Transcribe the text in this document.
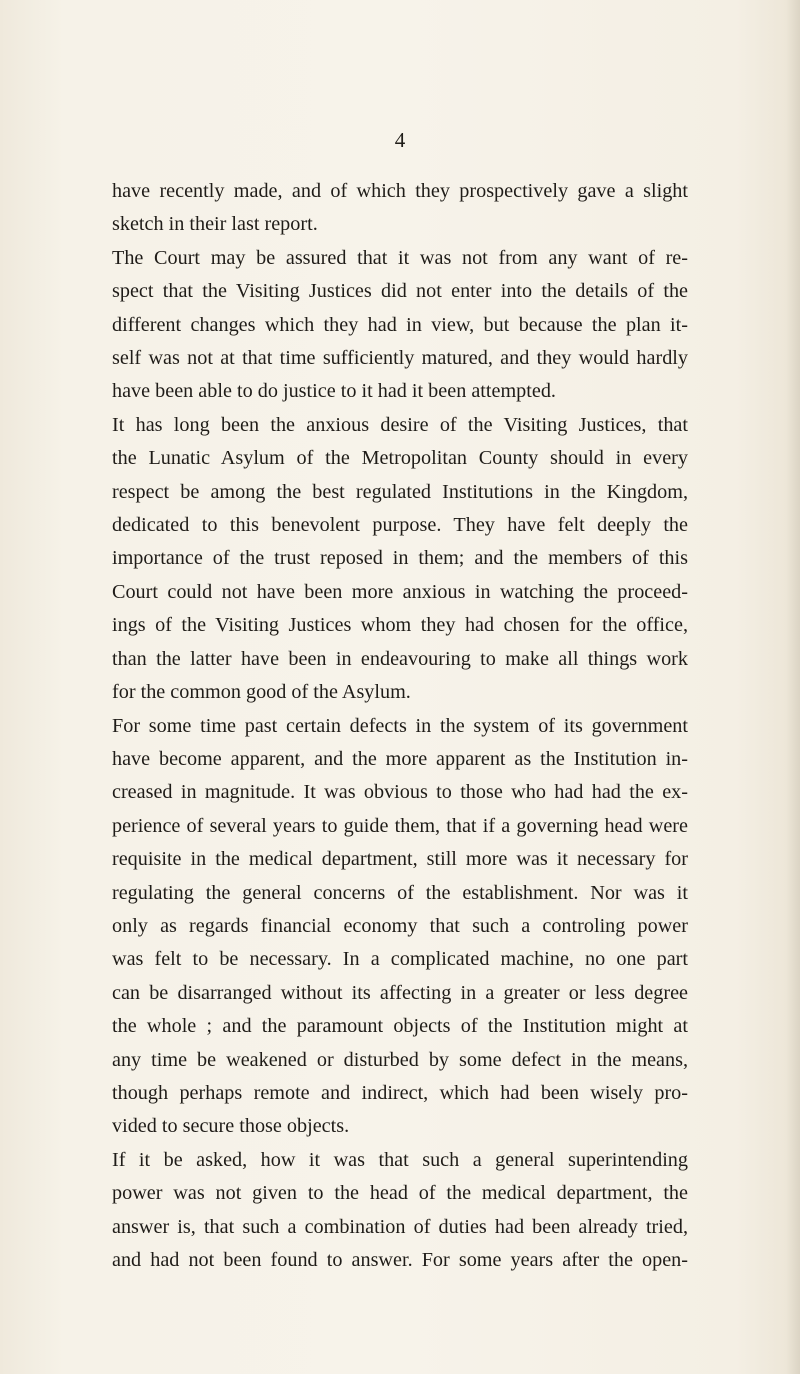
4
have recently made, and of which they prospectively gave a slight
sketch in their last report.
The Court may be assured that it was not from any want of re-
spect that the Visiting Justices did not enter into the details of the
different changes which they had in view, but because the plan it-
self was not at that time sufficiently matured, and they would hardly
have been able to do justice to it had it been attempted.
It has long been the anxious desire of the Visiting Justices, that
the Lunatic Asylum of the Metropolitan County should in every
respect be among the best regulated Institutions in the Kingdom,
dedicated to this benevolent purpose. They have felt deeply the
importance of the trust reposed in them; and the members of this
Court could not have been more anxious in watching the proceed-
ings of the Visiting Justices whom they had chosen for the office,
than the latter have been in endeavouring to make all things work
for the common good of the Asylum.
For some time past certain defects in the system of its government
have become apparent, and the more apparent as the Institution in-
creased in magnitude. It was obvious to those who had had the ex-
perience of several years to guide them, that if a governing head were
requisite in the medical department, still more was it necessary for
regulating the general concerns of the establishment. Nor was it
only as regards financial economy that such a controling power
was felt to be necessary. In a complicated machine, no one part
can be disarranged without its affecting in a greater or less degree
the whole ; and the paramount objects of the Institution might at
any time be weakened or disturbed by some defect in the means,
though perhaps remote and indirect, which had been wisely pro-
vided to secure those objects.
If it be asked, how it was that such a general superintending
power was not given to the head of the medical department, the
answer is, that such a combination of duties had been already tried,
and had not been found to answer. For some years after the open-
